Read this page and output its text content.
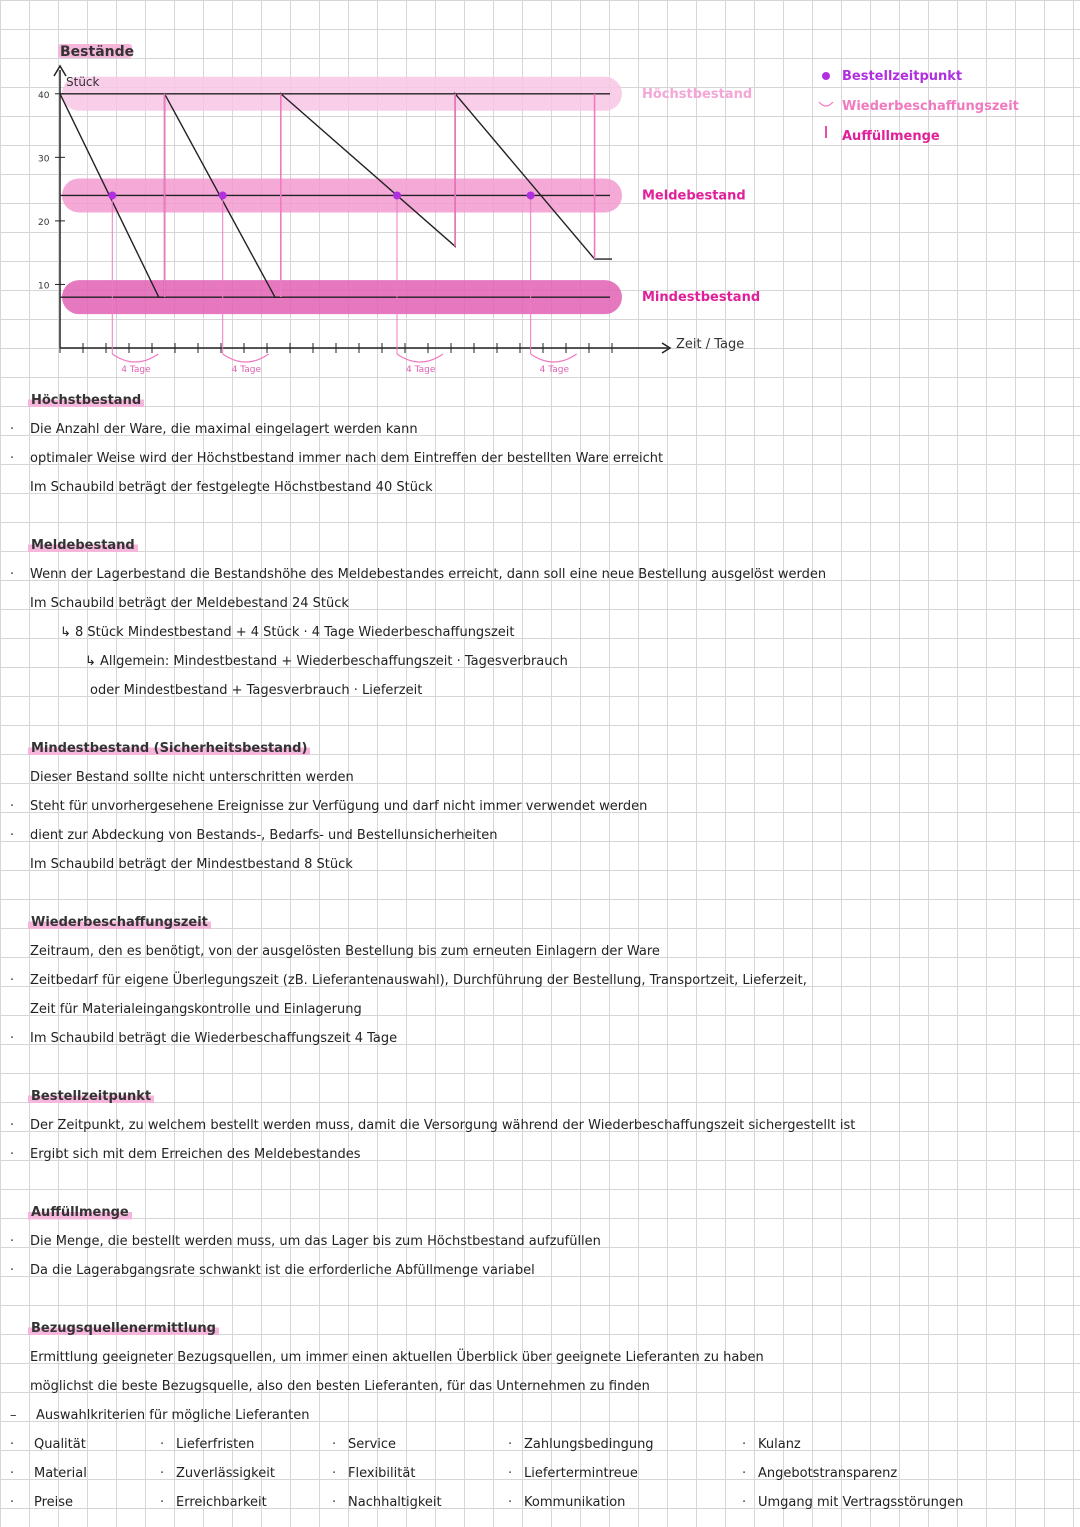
Bestände
Höchstbestand
Meldebestand
Mindestbestand
Stück
Zeit / Tage
10
20
30
40
4 Tage	4 Tage	4 Tage	4 Tage
Bestellzeitpunkt
Wiederbeschaffungszeit
Auffüllmenge
Höchstbestand
· Die Anzahl der Ware, die maximal eingelagert werden kann
· optimaler Weise wird der Höchstbestand immer nach dem Eintreffen der bestellten Ware erreicht
Im Schaubild beträgt der festgelegte Höchstbestand 40 Stück
Meldebestand
· Wenn der Lagerbestand die Bestandshöhe des Meldebestandes erreicht, dann soll eine neue Bestellung ausgelöst werden
Im Schaubild beträgt der Meldebestand 24 Stück
↳ 8 Stück Mindestbestand + 4 Stück · 4 Tage Wiederbeschaffungszeit
↳ Allgemein: Mindestbestand + Wiederbeschaffungszeit · Tagesverbrauch
oder Mindestbestand + Tagesverbrauch · Lieferzeit
Mindestbestand (Sicherheitsbestand)
Dieser Bestand sollte nicht unterschritten werden
· Steht für unvorhergesehene Ereignisse zur Verfügung und darf nicht immer verwendet werden
· dient zur Abdeckung von Bestands-, Bedarfs- und Bestellunsicherheiten
Im Schaubild beträgt der Mindestbestand 8 Stück
Wiederbeschaffungszeit
Zeitraum, den es benötigt, von der ausgelösten Bestellung bis zum erneuten Einlagern der Ware
· Zeitbedarf für eigene Überlegungszeit (zB. Lieferantenauswahl), Durchführung der Bestellung, Transportzeit, Lieferzeit,
Zeit für Materialeingangskontrolle und Einlagerung
· Im Schaubild beträgt die Wiederbeschaffungszeit 4 Tage
Bestellzeitpunkt
· Der Zeitpunkt, zu welchem bestellt werden muss, damit die Versorgung während der Wiederbeschaffungszeit sichergestellt ist
· Ergibt sich mit dem Erreichen des Meldebestandes
Auffüllmenge
· Die Menge, die bestellt werden muss, um das Lager bis zum Höchstbestand aufzufüllen
· Da die Lagerabgangsrate schwankt ist die erforderliche Abfüllmenge variabel
Bezugsquellenermittlung
Ermittlung geeigneter Bezugsquellen, um immer einen aktuellen Überblick über geeignete Lieferanten zu haben
möglichst die beste Bezugsquelle, also den besten Lieferanten, für das Unternehmen zu finden
– Auswahlkriterien für mögliche Lieferanten
· Qualität	· Lieferfristen	· Service	· Zahlungsbedingung	· Kulanz
· Material	· Zuverlässigkeit	· Flexibilität	· Liefertermintreue	· Angebotstransparenz
· Preise	· Erreichbarkeit	· Nachhaltigkeit	· Kommunikation	· Umgang mit Vertragsstörungen
